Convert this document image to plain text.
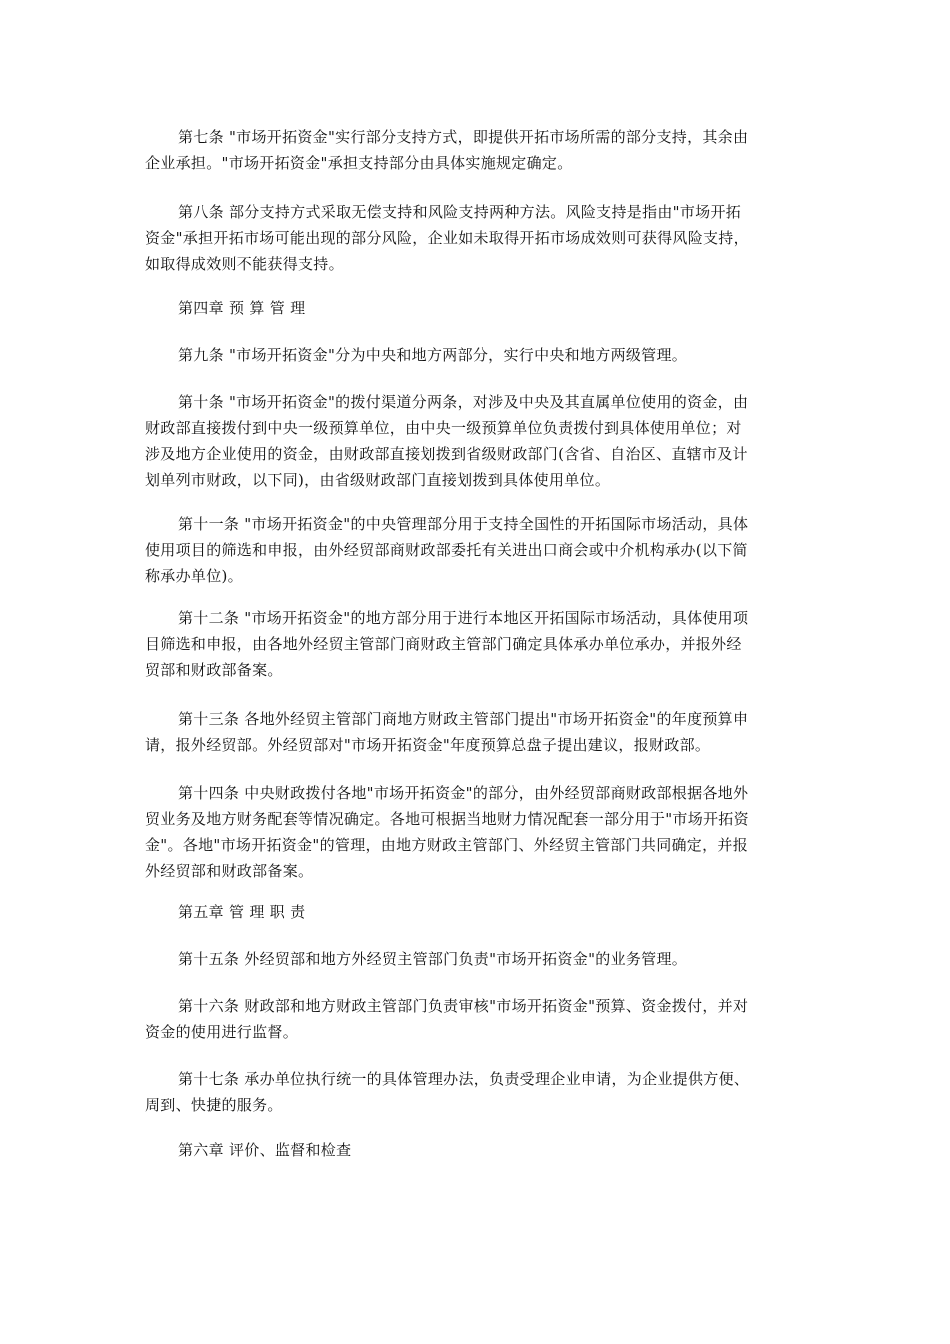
第七条 "市场开拓资金"实行部分支持方式，即提供开拓市场所需的部分支持，其余由
企业承担。"市场开拓资金"承担支持部分由具体实施规定确定。
第八条 部分支持方式采取无偿支持和风险支持两种方法。风险支持是指由"市场开拓
资金"承担开拓市场可能出现的部分风险，企业如未取得开拓市场成效则可获得风险支持，
如取得成效则不能获得支持。
第四章 预 算 管 理
第九条 "市场开拓资金"分为中央和地方两部分，实行中央和地方两级管理。
第十条 "市场开拓资金"的拨付渠道分两条，对涉及中央及其直属单位使用的资金，由
财政部直接拨付到中央一级预算单位，由中央一级预算单位负责拨付到具体使用单位；对
涉及地方企业使用的资金，由财政部直接划拨到省级财政部门(含省、自治区、直辖市及计
划单列市财政，以下同)，由省级财政部门直接划拨到具体使用单位。
第十一条 "市场开拓资金"的中央管理部分用于支持全国性的开拓国际市场活动，具体
使用项目的筛选和申报，由外经贸部商财政部委托有关进出口商会或中介机构承办(以下简
称承办单位)。
第十二条 "市场开拓资金"的地方部分用于进行本地区开拓国际市场活动，具体使用项
目筛选和申报，由各地外经贸主管部门商财政主管部门确定具体承办单位承办，并报外经
贸部和财政部备案。
第十三条 各地外经贸主管部门商地方财政主管部门提出"市场开拓资金"的年度预算申
请，报外经贸部。外经贸部对"市场开拓资金"年度预算总盘子提出建议，报财政部。
第十四条 中央财政拨付各地"市场开拓资金"的部分，由外经贸部商财政部根据各地外
贸业务及地方财务配套等情况确定。各地可根据当地财力情况配套一部分用于"市场开拓资
金"。各地"市场开拓资金"的管理，由地方财政主管部门、外经贸主管部门共同确定，并报
外经贸部和财政部备案。
第五章 管 理 职 责
第十五条 外经贸部和地方外经贸主管部门负责"市场开拓资金"的业务管理。
第十六条 财政部和地方财政主管部门负责审核"市场开拓资金"预算、资金拨付，并对
资金的使用进行监督。
第十七条 承办单位执行统一的具体管理办法，负责受理企业申请，为企业提供方便、
周到、快捷的服务。
第六章 评价、监督和检查
